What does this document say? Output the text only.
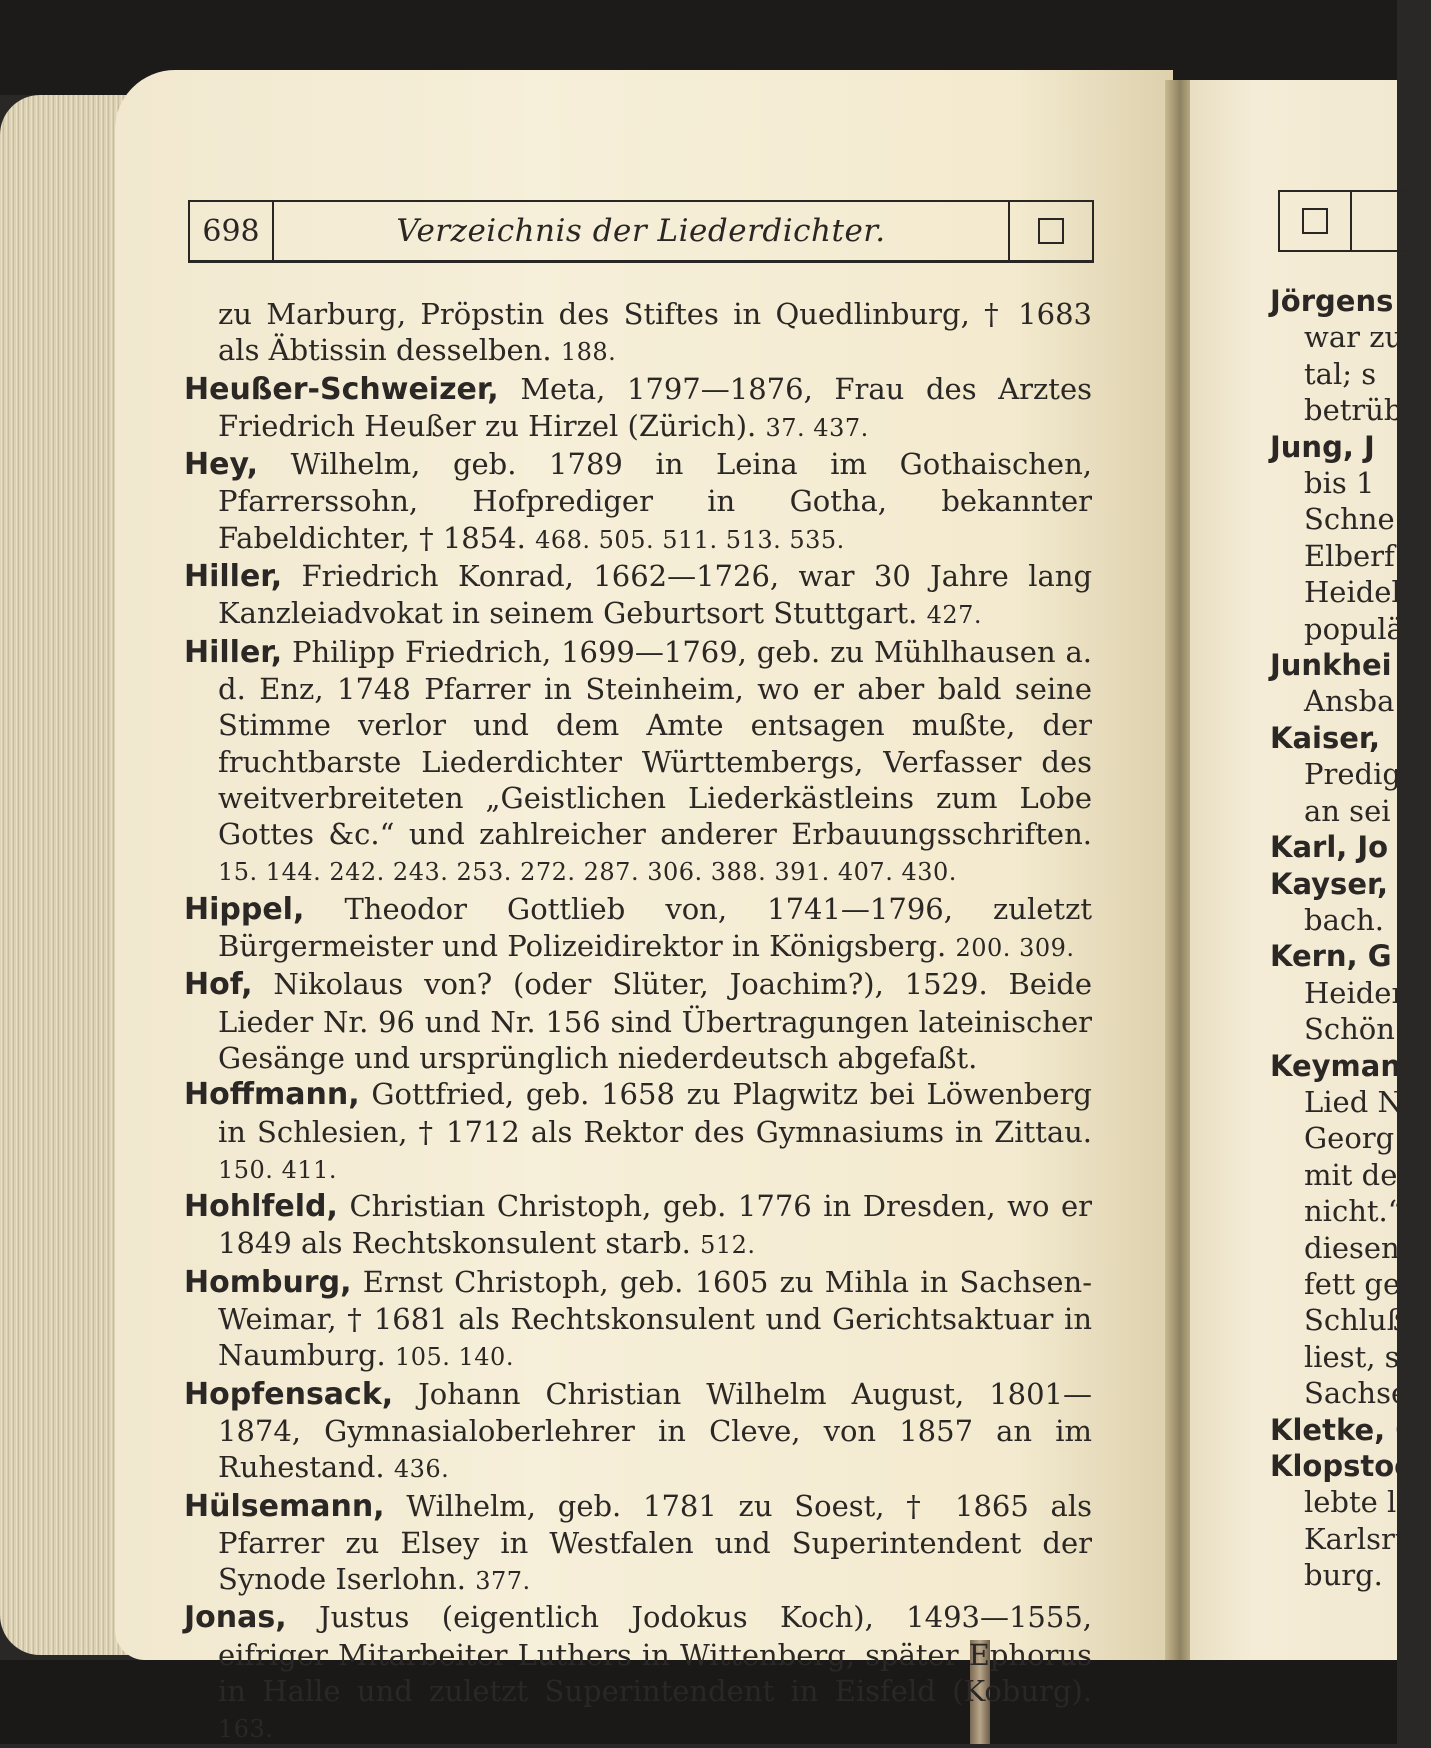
698	Verzeichnis der Liederdichter.

zu Marburg, Pröpstin des Stiftes in Quedlinburg, † 1683 als Äbtissin desselben. 188.

Heußer-Schweizer, Meta, 1797—1876, Frau des Arztes Friedrich Heußer zu Hirzel (Zürich). 37. 437.

Hey, Wilhelm, geb. 1789 in Leina im Gothaischen, Pfarrerssohn, Hofprediger in Gotha, bekannter Fabeldichter, † 1854. 468. 505. 511. 513. 535.

Hiller, Friedrich Konrad, 1662—1726, war 30 Jahre lang Kanzleiadvokat in seinem Geburtsort Stuttgart. 427.

Hiller, Philipp Friedrich, 1699—1769, geb. zu Mühlhausen a. d. Enz, 1748 Pfarrer in Steinheim, wo er aber bald seine Stimme verlor und dem Amte entsagen mußte, der fruchtbarste Liederdichter Württembergs, Verfasser des weitverbreiteten „Geistlichen Liederkästleins zum Lobe Gottes &c.“ und zahlreicher anderer Erbauungsschriften. 15. 144. 242. 243. 253. 272. 287. 306. 388. 391. 407. 430.

Hippel, Theodor Gottlieb von, 1741—1796, zuletzt Bürgermeister und Polizeidirektor in Königsberg. 200. 309.

Hof, Nikolaus von? (oder Slüter, Joachim?), 1529. Beide Lieder Nr. 96 und Nr. 156 sind Übertragungen lateinischer Gesänge und ursprünglich niederdeutsch abgefaßt.

Hoffmann, Gottfried, geb. 1658 zu Plagwitz bei Löwenberg in Schlesien, † 1712 als Rektor des Gymnasiums in Zittau. 150. 411.

Hohlfeld, Christian Christoph, geb. 1776 in Dresden, wo er 1849 als Rechtskonsulent starb. 512.

Homburg, Ernst Christoph, geb. 1605 zu Mihla in Sachsen-Weimar, † 1681 als Rechtskonsulent und Gerichtsaktuar in Naumburg. 105. 140.

Hopfensack, Johann Christian Wilhelm August, 1801—1874, Gymnasialoberlehrer in Cleve, von 1857 an im Ruhestand. 436.

Hülsemann, Wilhelm, geb. 1781 zu Soest, † 1865 als Pfarrer zu Elsey in Westfalen und Superintendent der Synode Iserlohn. 377.

Jonas, Justus (eigentlich Jodokus Koch), 1493—1555, eifriger Mitarbeiter Luthers in Wittenberg, später Ephorus in Halle und zuletzt Superintendent in Eisfeld (Koburg). 163.

Jörgens
war zu
tal; s
betrüb
Jung, J
bis 1
Schne
Elberf
Heidel
populä
Junkhei
Ansba
Kaiser,
Predig
an sei
Karl, Jo
Kayser,
bach.
Kern, G
Heiden
Schön
Keymann
Lied N
Georg
mit de
nicht.“
diesen
fett ge
Schluß
liest, s
Sachse
Kletke, G
Klopstock
lebte l
Karlsru
burg.
